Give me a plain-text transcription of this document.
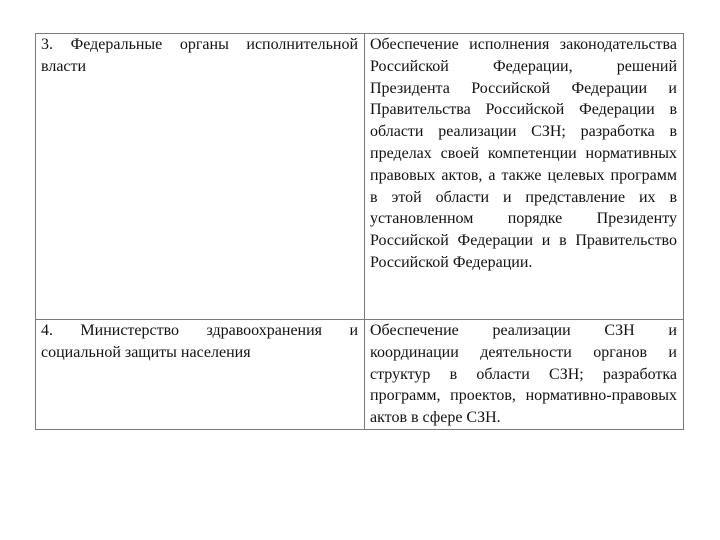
3. Федеральные органы исполнительной власти	Обеспечение исполнения законодательства Российской Федерации, решений Президента Российской Федерации и Правительства Российской Федерации в области реализации СЗН; разработка в пределах своей компетенции нормативных правовых актов, а также целевых программ в этой области и представление их в установленном порядке Президенту Российской Федерации и в Правительство Российской Федерации.
4. Министерство здравоохранения и социальной защиты населения	Обеспечение реализации СЗН и координации деятельности органов и структур в области СЗН; разработка программ, проектов, нормативно-правовых актов в сфере СЗН.
